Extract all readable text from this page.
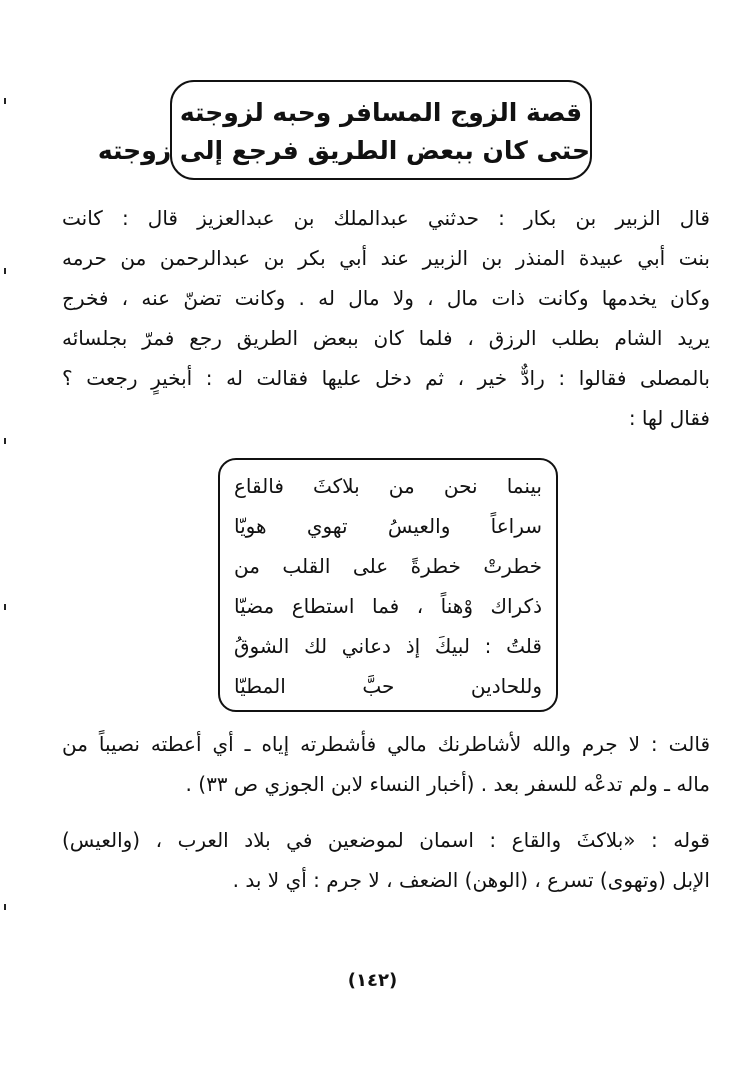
قصة الزوج المسافر وحبه لزوجته
حتى كان ببعض الطريق فرجع إلى زوجته
قال الزبير بن بكار : حدثني عبدالملك بن عبدالعزيز قال : كانت
بنت أبي عبيدة المنذر بن الزبير عند أبي بكر بن عبدالرحمن من حرمه
وكان يخدمها وكانت ذات مال ، ولا مال له . وكانت تضنّ عنه ، فخرج
يريد الشام بطلب الرزق ، فلما كان ببعض الطريق رجع فمرّ بجلسائه
بالمصلى فقالوا : رادٌّ خير ، ثم دخل عليها فقالت له : أبخيرٍ رجعت ؟
فقال لها :
بينما نحن من بلاكثَ فالقاع
سراعاً والعيسُ تهوي هويّا
خطرتْ خطرةً على القلب من
ذكراك وْهناً ، فما استطاع مضيّا
قلتُ : لبيكَ إذ دعاني لك الشوقُ
وللحادين حبَّ المطيّا
قالت : لا جرم والله لأشاطرنك مالي فأشطرته إياه ـ أي أعطته نصيباً من
ماله ـ ولم تدعْه للسفر بعد . (أخبار النساء لابن الجوزي ص ٣٣) .
قوله : «بلاكثَ والقاع : اسمان لموضعين في بلاد العرب ، (والعيس)
الإبل (وتهوى) تسرع ، (الوهن) الضعف ، لا جرم : أي لا بد .
(١٤٢)
